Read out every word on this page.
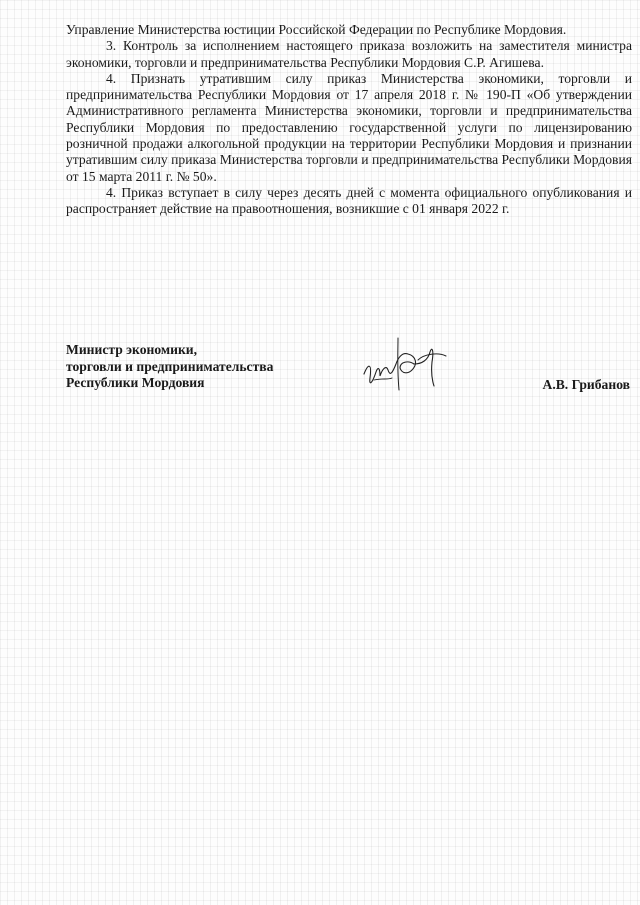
Управление Министерства юстиции Российской Федерации по Республике Мордовия.

3. Контроль за исполнением настоящего приказа возложить на заместителя министра экономики, торговли и предпринимательства Республики Мордовия С.Р. Агишева.

4. Признать утратившим силу приказ Министерства экономики, торговли и предпринимательства Республики Мордовия от 17 апреля 2018 г. № 190-П «Об утверждении Административного регламента Министерства экономики, торговли и предпринимательства Республики Мордовия по предоставлению государственной услуги по лицензированию розничной продажи алкогольной продукции на территории Республики Мордовия и признании утратившим силу приказа Министерства торговли и предпринимательства Республики Мордовия от 15 марта 2011 г. № 50».

4. Приказ вступает в силу через десять дней с момента официального опубликования и распространяет действие на правоотношения, возникшие с 01 января 2022 г.

Министр экономики,
торговли и предпринимательства
Республики Мордовия	А.В. Грибанов
